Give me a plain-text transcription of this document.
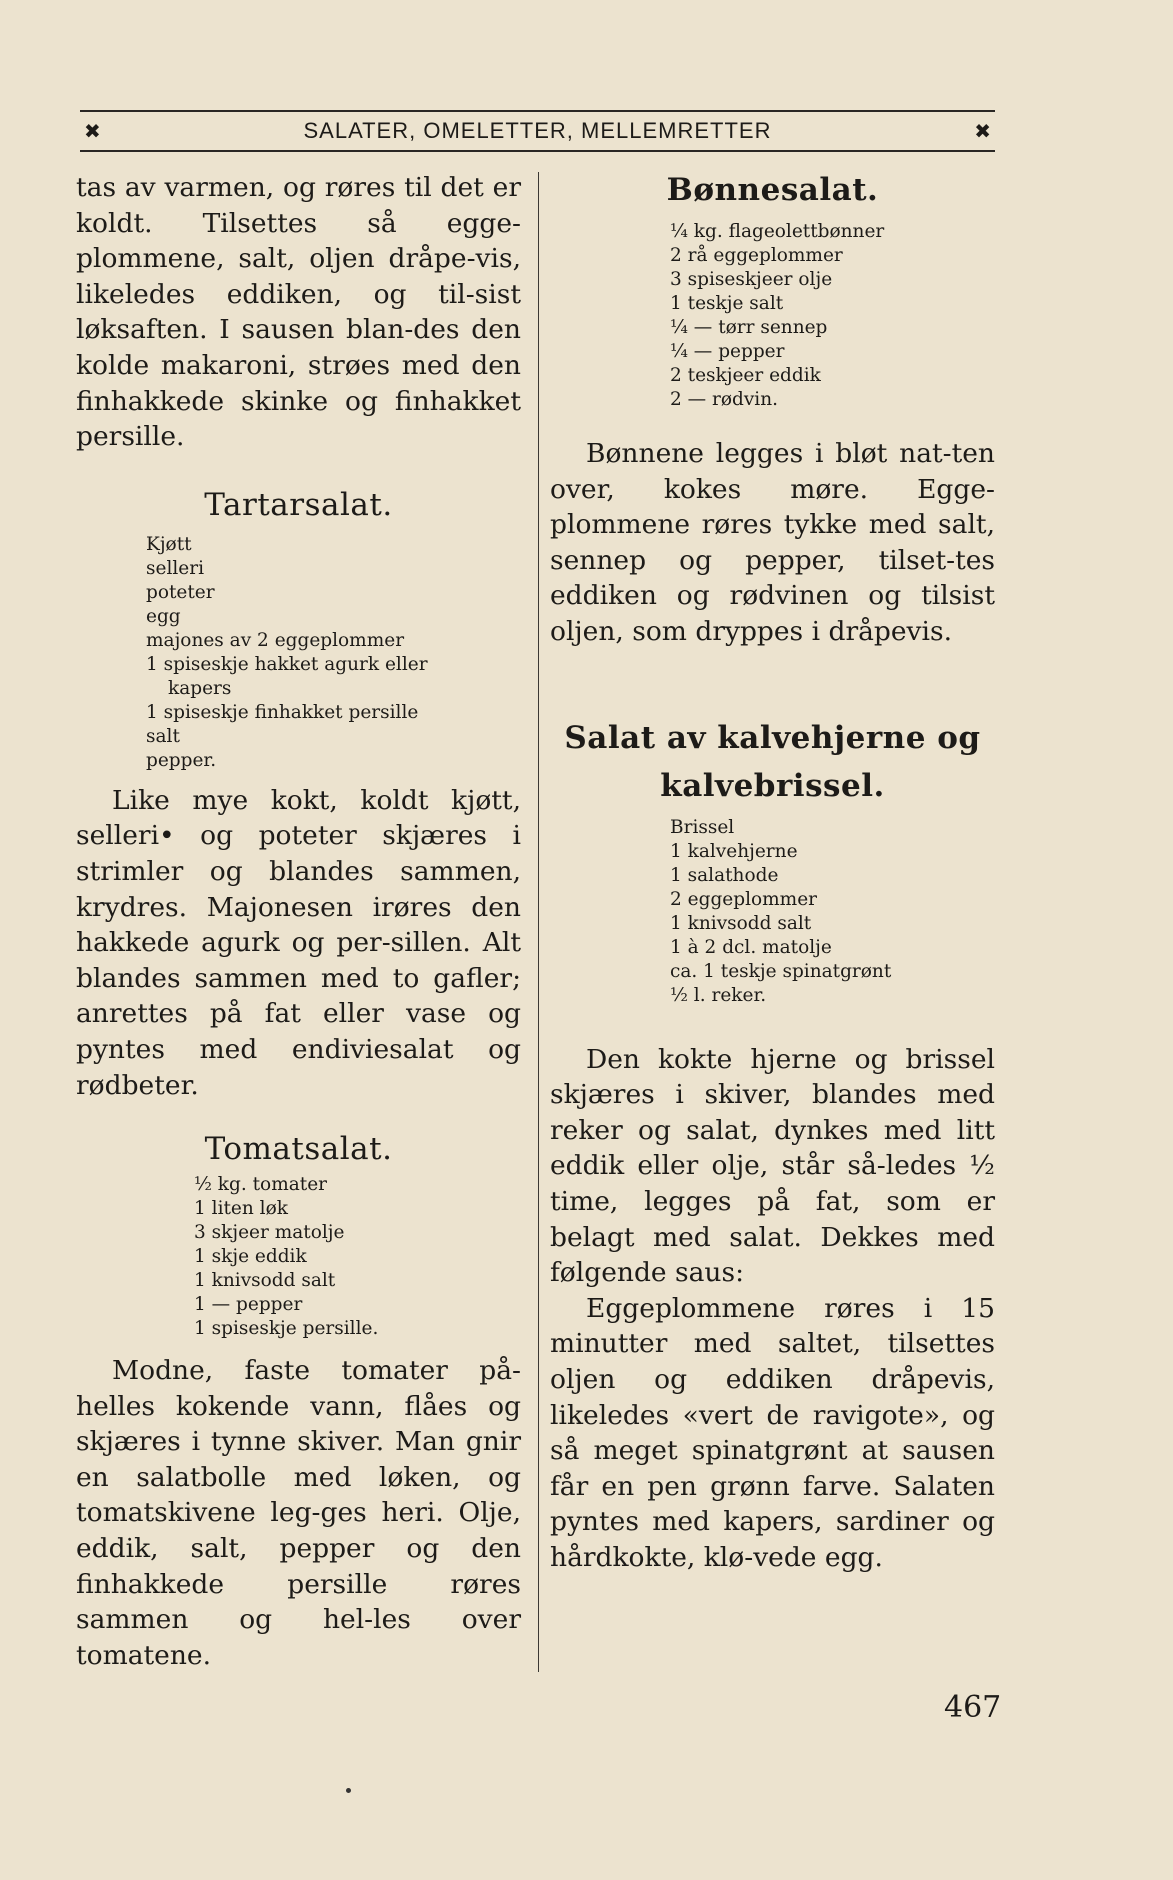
✖	SALATER, OMELETTER, MELLEMRETTER	✖

tas av varmen, og røres til det er koldt. Tilsettes så egge-plommene, salt, oljen dråpe-vis, likeledes eddiken, og til-sist løksaften. I sausen blan-des den kolde makaroni, strøes med den finhakkede skinke og finhakket persille.

Tartarsalat.
Kjøtt
selleri
poteter
egg
majones av 2 eggeplommer
1 spiseskje hakket agurk eller
kapers
1 spiseskje finhakket persille
salt
pepper.

Like mye kokt, koldt kjøtt, selleri• og poteter skjæres i strimler og blandes sammen, krydres. Majonesen irøres den hakkede agurk og per-sillen. Alt blandes sammen med to gafler; anrettes på fat eller vase og pyntes med endiviesalat og rødbeter.

Tomatsalat.
½ kg. tomater
1 liten løk
3 skjeer matolje
1 skje eddik
1 knivsodd salt
1 — pepper
1 spiseskje persille.

Modne, faste tomater på-helles kokende vann, flåes og skjæres i tynne skiver. Man gnir en salatbolle med løken, og tomatskivene leg-ges heri. Olje, eddik, salt, pepper og den finhakkede persille røres sammen og hel-les over tomatene.

Bønnesalat.
¼ kg. flageolettbønner
2 rå eggeplommer
3 spiseskjeer olje
1 teskje salt
¼ — tørr sennep
¼ — pepper
2 teskjeer eddik
2 — rødvin.

Bønnene legges i bløt nat-ten over, kokes møre. Egge-plommene røres tykke med salt, sennep og pepper, tilset-tes eddiken og rødvinen og tilsist oljen, som dryppes i dråpevis.

Salat av kalvehjerne og
kalvebrissel.
Brissel
1 kalvehjerne
1 salathode
2 eggeplommer
1 knivsodd salt
1 à 2 dcl. matolje
ca. 1 teskje spinatgrønt
½ l. reker.

Den kokte hjerne og brissel skjæres i skiver, blandes med reker og salat, dynkes med litt eddik eller olje, står så-ledes ½ time, legges på fat, som er belagt med salat. Dekkes med følgende saus:

Eggeplommene røres i 15 minutter med saltet, tilsettes oljen og eddiken dråpevis, likeledes «vert de ravigote», og så meget spinatgrønt at sausen får en pen grønn farve. Salaten pyntes med kapers, sardiner og hårdkokte, klø-vede egg.

467
